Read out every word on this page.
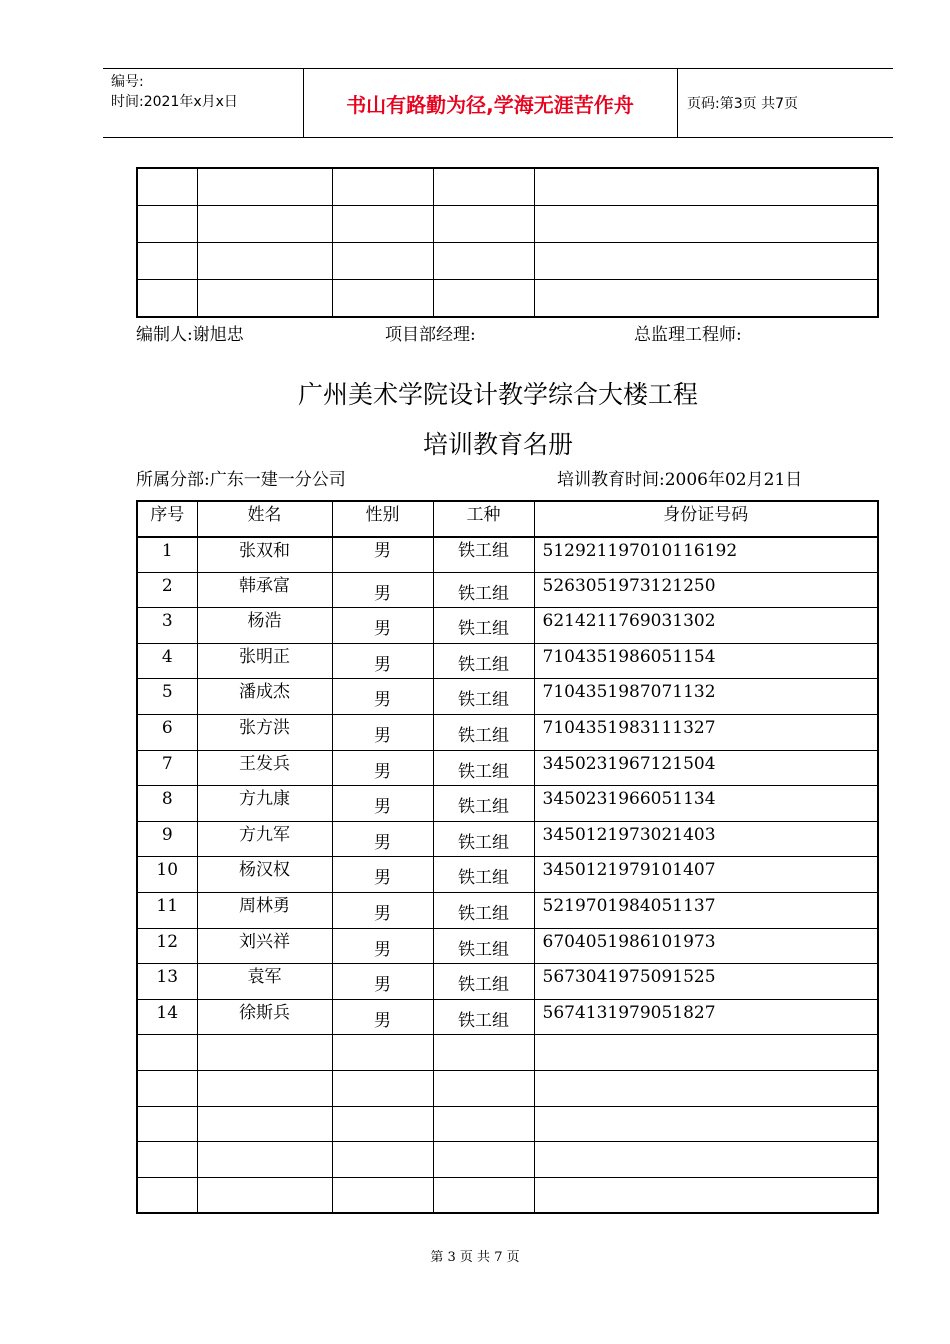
编号:
时间:2021年x月x日	书山有路勤为径,学海无涯苦作舟	页码:第3页 共7页

编制人:谢旭忠	项目部经理:	总监理工程师:
广州美术学院设计教学综合大楼工程
培训教育名册
所属分部:广东一建一分公司	培训教育时间:2006年02月21日
序号	姓名	性别	工种	身份证号码
1	张双和	男	铁工组	512921197010116192
2	韩承富	男	铁工组	5263051973121250
3	杨浩	男	铁工组	6214211769031302
4	张明正	男	铁工组	7104351986051154
5	潘成杰	男	铁工组	7104351987071132
6	张方洪	男	铁工组	7104351983111327
7	王发兵	男	铁工组	3450231967121504
8	方九康	男	铁工组	3450231966051134
9	方九军	男	铁工组	3450121973021403
10	杨汉权	男	铁工组	3450121979101407
11	周林勇	男	铁工组	5219701984051137
12	刘兴祥	男	铁工组	6704051986101973
13	袁军	男	铁工组	5673041975091525
14	徐斯兵	男	铁工组	5674131979051827

第 3 页 共 7 页
